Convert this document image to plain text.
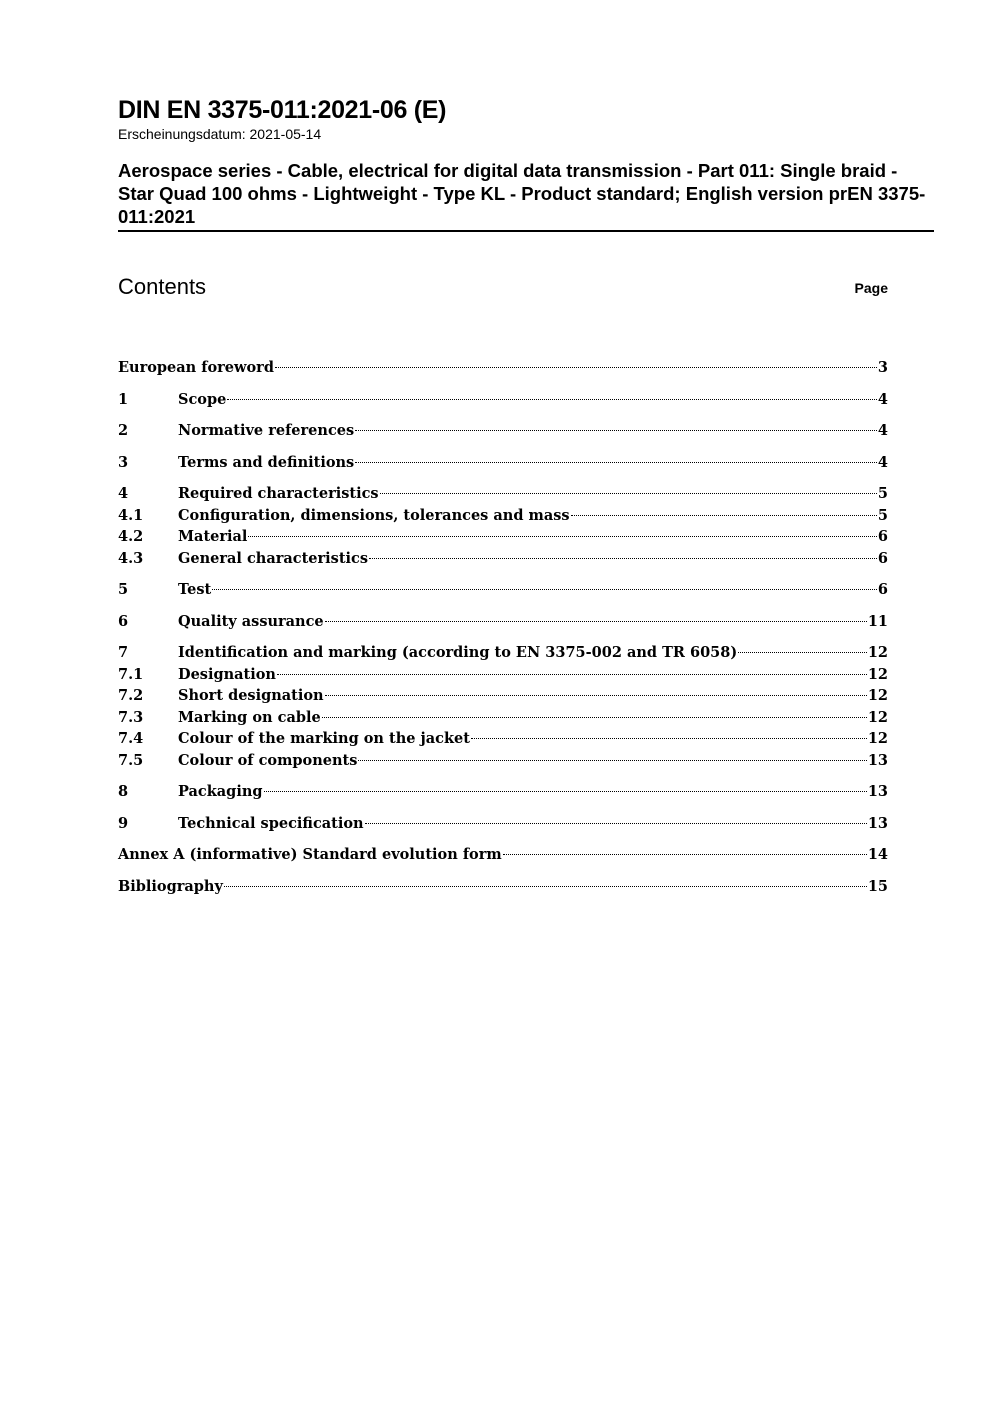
DIN EN 3375-011:2021-06 (E)
Erscheinungsdatum: 2021-05-14
Aerospace series - Cable, electrical for digital data transmission - Part 011: Single braid - Star Quad 100 ohms - Lightweight - Type KL - Product standard; English version prEN 3375-011:2021
Contents	Page
European foreword	3
1	Scope	4
2	Normative references	4
3	Terms and definitions	4
4	Required characteristics	5
4.1	Configuration, dimensions, tolerances and mass	5
4.2	Material	6
4.3	General characteristics	6
5	Test	6
6	Quality assurance	11
7	Identification and marking (according to EN 3375-002 and TR 6058)	12
7.1	Designation	12
7.2	Short designation	12
7.3	Marking on cable	12
7.4	Colour of the marking on the jacket	12
7.5	Colour of components	13
8	Packaging	13
9	Technical specification	13
Annex A (informative) Standard evolution form	14
Bibliography	15
